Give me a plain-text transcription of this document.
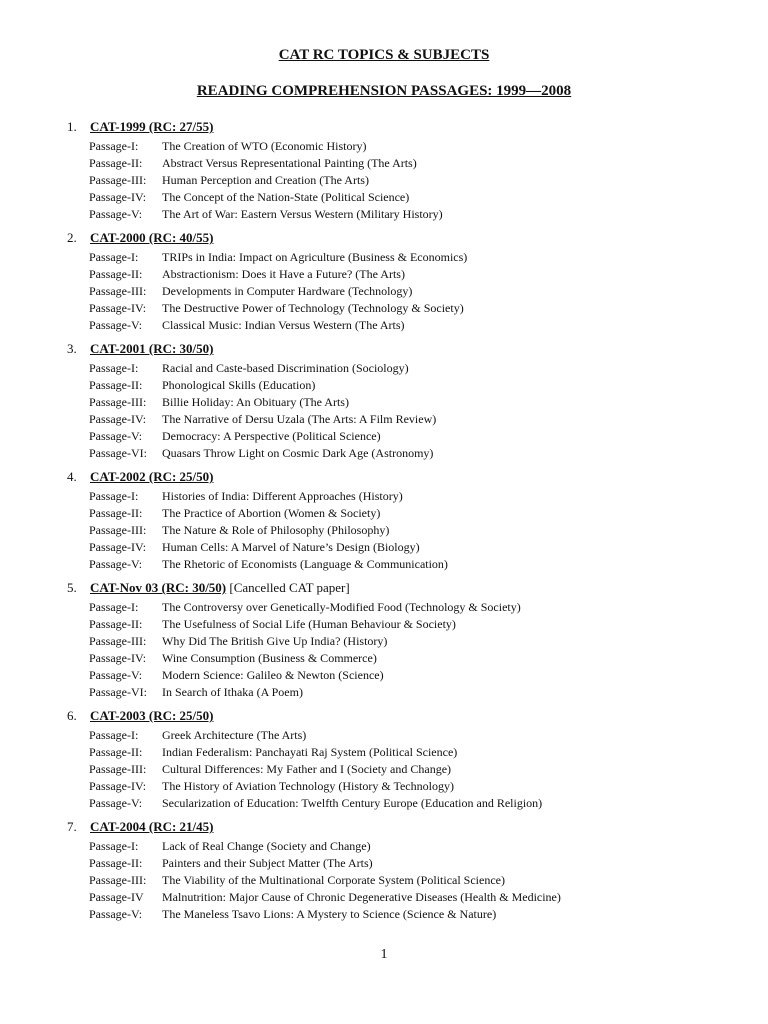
CAT RC TOPICS & SUBJECTS
READING COMPREHENSION PASSAGES: 1999—2008
1. CAT-1999 (RC: 27/55)
Passage-I: The Creation of WTO (Economic History)
Passage-II: Abstract Versus Representational Painting (The Arts)
Passage-III: Human Perception and Creation (The Arts)
Passage-IV: The Concept of the Nation-State (Political Science)
Passage-V: The Art of War: Eastern Versus Western (Military History)
2. CAT-2000 (RC: 40/55)
Passage-I: TRIPs in India: Impact on Agriculture (Business & Economics)
Passage-II: Abstractionism: Does it Have a Future? (The Arts)
Passage-III: Developments in Computer Hardware (Technology)
Passage-IV: The Destructive Power of Technology (Technology & Society)
Passage-V: Classical Music: Indian Versus Western (The Arts)
3. CAT-2001 (RC: 30/50)
Passage-I: Racial and Caste-based Discrimination (Sociology)
Passage-II: Phonological Skills (Education)
Passage-III: Billie Holiday: An Obituary (The Arts)
Passage-IV: The Narrative of Dersu Uzala (The Arts: A Film Review)
Passage-V: Democracy: A Perspective (Political Science)
Passage-VI: Quasars Throw Light on Cosmic Dark Age (Astronomy)
4. CAT-2002 (RC: 25/50)
Passage-I: Histories of India: Different Approaches (History)
Passage-II: The Practice of Abortion (Women & Society)
Passage-III: The Nature & Role of Philosophy (Philosophy)
Passage-IV: Human Cells: A Marvel of Nature’s Design (Biology)
Passage-V: The Rhetoric of Economists (Language & Communication)
5. CAT-Nov 03 (RC: 30/50) [Cancelled CAT paper]
Passage-I: The Controversy over Genetically-Modified Food (Technology & Society)
Passage-II: The Usefulness of Social Life (Human Behaviour & Society)
Passage-III: Why Did The British Give Up India? (History)
Passage-IV: Wine Consumption (Business & Commerce)
Passage-V: Modern Science: Galileo & Newton (Science)
Passage-VI: In Search of Ithaka (A Poem)
6. CAT-2003 (RC: 25/50)
Passage-I: Greek Architecture (The Arts)
Passage-II: Indian Federalism: Panchayati Raj System (Political Science)
Passage-III: Cultural Differences: My Father and I (Society and Change)
Passage-IV: The History of Aviation Technology (History & Technology)
Passage-V: Secularization of Education: Twelfth Century Europe (Education and Religion)
7. CAT-2004 (RC: 21/45)
Passage-I: Lack of Real Change (Society and Change)
Passage-II: Painters and their Subject Matter (The Arts)
Passage-III: The Viability of the Multinational Corporate System (Political Science)
Passage-IV Malnutrition: Major Cause of Chronic Degenerative Diseases (Health & Medicine)
Passage-V: The Maneless Tsavo Lions: A Mystery to Science (Science & Nature)
1
